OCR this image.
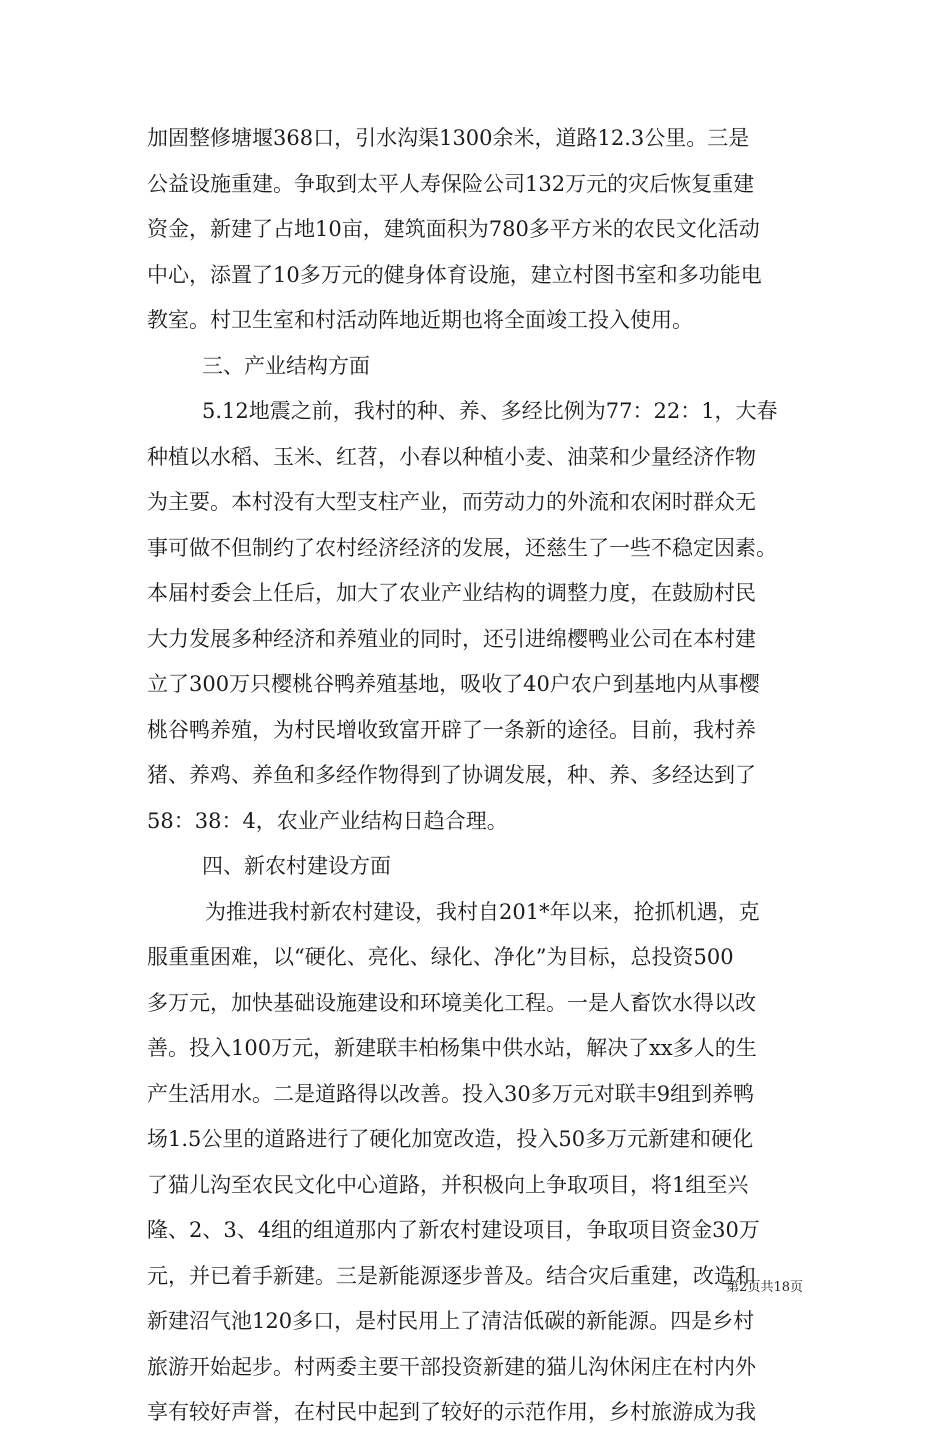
加固整修塘堰368口，引水沟渠1300余米，道路12.3公里。三是
公益设施重建。争取到太平人寿保险公司132万元的灾后恢复重建
资金，新建了占地10亩，建筑面积为780多平方米的农民文化活动
中心，添置了10多万元的健身体育设施，建立村图书室和多功能电
教室。村卫生室和村活动阵地近期也将全面竣工投入使用。
三、产业结构方面
5.12地震之前，我村的种、养、多经比例为77：22：1，大春
种植以水稻、玉米、红苕，小春以种植小麦、油菜和少量经济作物
为主要。本村没有大型支柱产业，而劳动力的外流和农闲时群众无
事可做不但制约了农村经济经济的发展，还慈生了一些不稳定因素。
本届村委会上任后，加大了农业产业结构的调整力度，在鼓励村民
大力发展多种经济和养殖业的同时，还引进绵樱鸭业公司在本村建
立了300万只樱桃谷鸭养殖基地，吸收了40户农户到基地内从事樱
桃谷鸭养殖，为村民增收致富开辟了一条新的途径。目前，我村养
猪、养鸡、养鱼和多经作物得到了协调发展，种、养、多经达到了
58：38：4，农业产业结构日趋合理。
四、新农村建设方面
为推进我村新农村建设，我村自201*年以来，抢抓机遇，克
服重重困难，以“硬化、亮化、绿化、净化”为目标，总投资500
多万元，加快基础设施建设和环境美化工程。一是人畜饮水得以改
善。投入100万元，新建联丰柏杨集中供水站，解决了xx多人的生
产生活用水。二是道路得以改善。投入30多万元对联丰9组到养鸭
场1.5公里的道路进行了硬化加宽改造，投入50多万元新建和硬化
了猫儿沟至农民文化中心道路，并积极向上争取项目，将1组至兴
隆、2、3、4组的组道那内了新农村建设项目，争取项目资金30万
元，并已着手新建。三是新能源逐步普及。结合灾后重建，改造和
新建沼气池120多口，是村民用上了清洁低碳的新能源。四是乡村
旅游开始起步。村两委主要干部投资新建的猫儿沟休闲庄在村内外
享有较好声誉，在村民中起到了较好的示范作用，乡村旅游成为我
第2页共18页
